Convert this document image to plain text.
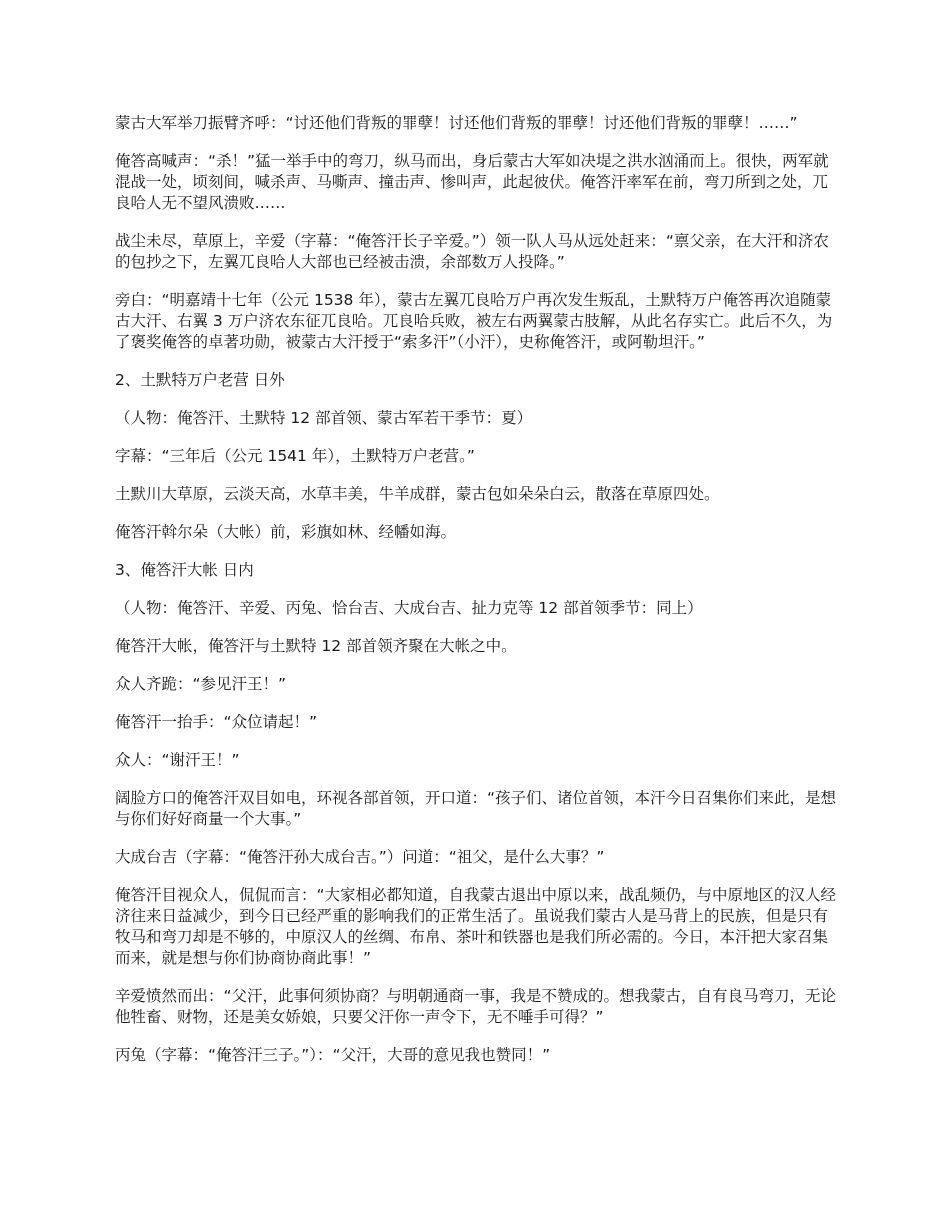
蒙古大军举刀振臂齐呼：“讨还他们背叛的罪孽！讨还他们背叛的罪孽！讨还他们背叛的罪孽！……”

俺答高喊声：“杀！”猛一举手中的弯刀，纵马而出，身后蒙古大军如决堤之洪水汹涌而上。很快，两军就混战一处，顷刻间，喊杀声、马嘶声、撞击声、惨叫声，此起彼伏。俺答汗率军在前，弯刀所到之处，兀良哈人无不望风溃败……

战尘未尽，草原上，辛爱（字幕：“俺答汗长子辛爱。”）领一队人马从远处赶来：“禀父亲，在大汗和济农的包抄之下，左翼兀良哈人大部也已经被击溃，余部数万人投降。”

旁白：“明嘉靖十七年（公元 1538 年），蒙古左翼兀良哈万户再次发生叛乱，土默特万户俺答再次追随蒙古大汗、右翼 3 万户济农东征兀良哈。兀良哈兵败，被左右两翼蒙古肢解，从此名存实亡。此后不久，为了褒奖俺答的卓著功勋，被蒙古大汗授于“索多汗”（小汗），史称俺答汗，或阿勒坦汗。”

2、土默特万户老营 日外

（人物：俺答汗、土默特 12 部首领、蒙古军若干季节：夏）

字幕：“三年后（公元 1541 年），土默特万户老营。”

土默川大草原，云淡天高，水草丰美，牛羊成群，蒙古包如朵朵白云，散落在草原四处。

俺答汗斡尔朵（大帐）前，彩旗如林、经幡如海。

3、俺答汗大帐 日内

（人物：俺答汗、辛爱、丙兔、恰台吉、大成台吉、扯力克等 12 部首领季节：同上）

俺答汗大帐，俺答汗与土默特 12 部首领齐聚在大帐之中。

众人齐跪：“参见汗王！”

俺答汗一抬手：“众位请起！”

众人：“谢汗王！”

阔脸方口的俺答汗双目如电，环视各部首领，开口道：“孩子们、诸位首领，本汗今日召集你们来此，是想与你们好好商量一个大事。”

大成台吉（字幕：“俺答汗孙大成台吉。”）问道：“祖父，是什么大事？”

俺答汗目视众人，侃侃而言：“大家相必都知道，自我蒙古退出中原以来，战乱频仍，与中原地区的汉人经济往来日益减少，到今日已经严重的影响我们的正常生活了。虽说我们蒙古人是马背上的民族，但是只有牧马和弯刀却是不够的，中原汉人的丝绸、布帛、茶叶和铁器也是我们所必需的。今日，本汗把大家召集而来，就是想与你们协商协商此事！”

辛爱愤然而出：“父汗，此事何须协商？与明朝通商一事，我是不赞成的。想我蒙古，自有良马弯刀，无论他牲畜、财物，还是美女娇娘，只要父汗你一声令下，无不唾手可得？”

丙兔（字幕：“俺答汗三子。”）：“父汗，大哥的意见我也赞同！”
